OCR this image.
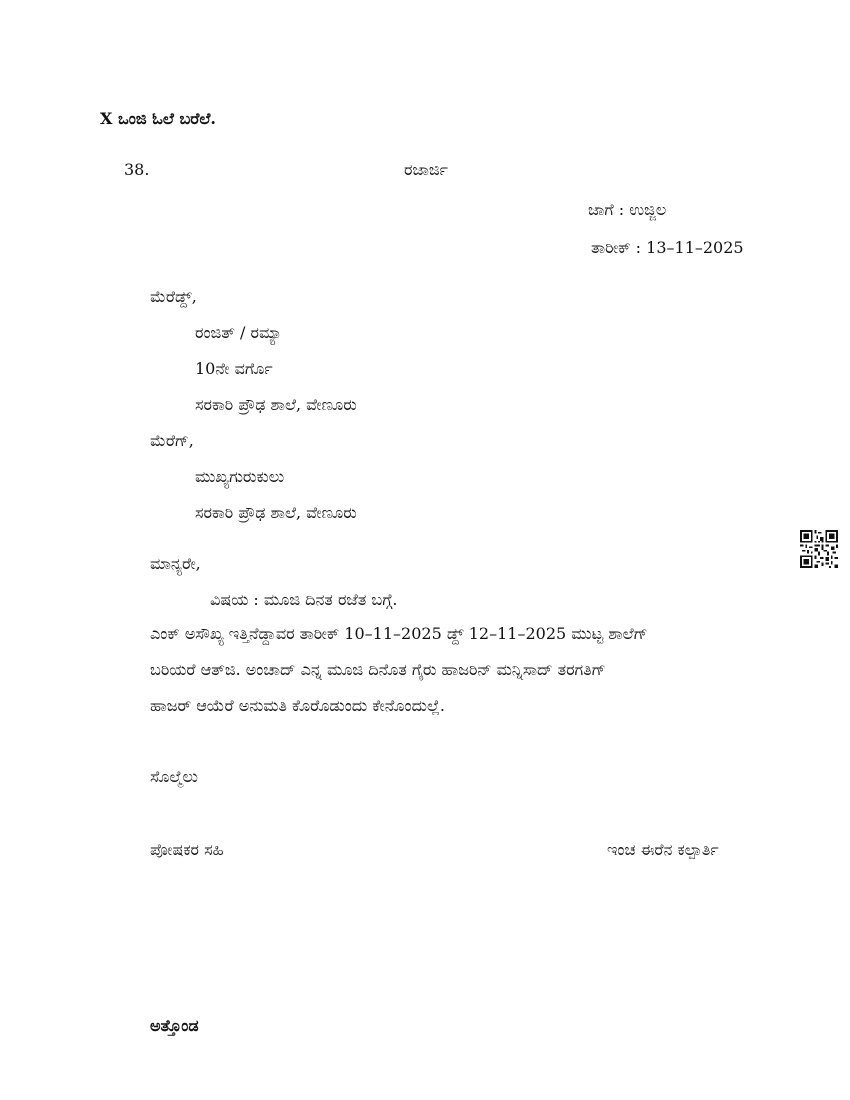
X ಒಂಜಿ ಓಲೆ ಬರೆಲೆ.
38.	ರಜಾರ್ಜಿ
ಜಾಗೆ : ಉಜ್ಜಿಲ
ತಾರೀಕ್ : 13–11–2025
ಮೆರೆಡ್ದ್,
ರಂಜಿತ್ / ರಮ್ಯಾ
10ನೇ ವರ್ಗೊ
ಸರಕಾರಿ ಪ್ರೌಢ ಶಾಲೆ, ವೇಣೂರು
ಮೆರೆಗ್,
ಮುಖ್ಯಗುರುಕುಲು
ಸರಕಾರಿ ಪ್ರೌಢ ಶಾಲೆ, ವೇಣೂರು
ಮಾನ್ಯರೇ,
ವಿಷಯ : ಮೂಜಿ ದಿನತ ರಜೆತ ಬಗ್ಗೆ.
ಎಂಕ್ ಅಸೌಖ್ಯ ಇತ್ತಿನೆಡ್ದಾವರ ತಾರೀಕ್ 10–11–2025 ಡ್ದ್ 12–11–2025 ಮುಟ್ಟ ಶಾಲೆಗ್
ಬರಿಯರೆ ಆತ್‌ಜಿ. ಅಂಚಾದ್ ಎನ್ನ ಮೂಜಿ ದಿನೊತ ಗೈರು ಹಾಜರಿನ್ ಮನ್ನಿಸಾದ್ ತರಗತಿಗ್
ಹಾಜರ್ ಆಯೆರೆ ಅನುಮತಿ ಕೊರೊಡುಂದು ಕೇನೊಂದುಲ್ಲೆ.
ಸೊಲ್ಮೆಲು
ಪೋಷಕರ ಸಹಿ	ಇಂಚ ಈರೆನ ಕಲ್ಪಾರ್ತಿ
ಅತ್ತೊಂಡ
